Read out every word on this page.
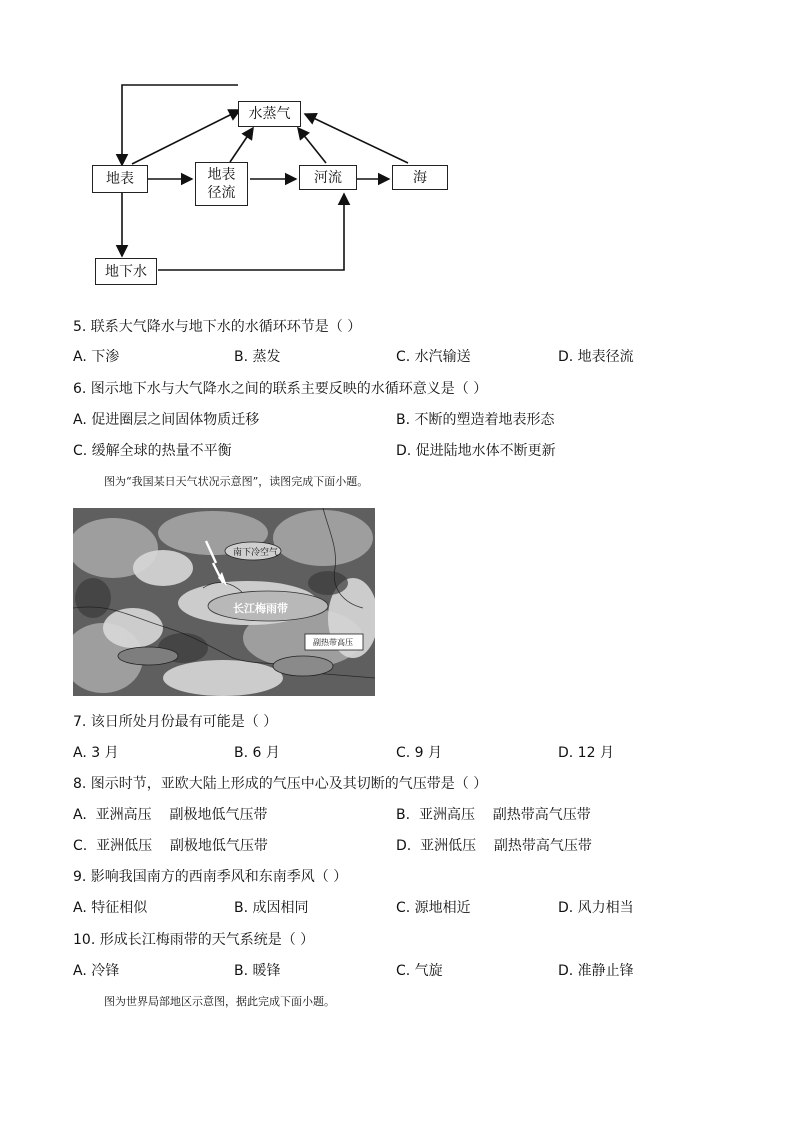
水蒸气
地表	地表
径流
河流	海
地下水
5. 联系大气降水与地下水的水循环环节是（ ）
A. 下渗	B. 蒸发	C. 水汽输送	D. 地表径流
6. 图示地下水与大气降水之间的联系主要反映的水循环意义是（ ）
A. 促进圈层之间固体物质迁移	B. 不断的塑造着地表形态
C. 缓解全球的热量不平衡	D. 促进陆地水体不断更新
图为“我国某日天气状况示意图”，读图完成下面小题。
南下冷空气
长江梅雨带
副热带高压
7. 该日所处月份最有可能是（ ）
A. 3 月	B. 6 月	C. 9 月	D. 12 月
8. 图示时节，亚欧大陆上形成的气压中心及其切断的气压带是（ ）
A.  亚洲高压    副极地低气压带	B.  亚洲高压    副热带高气压带
C.  亚洲低压    副极地低气压带	D.  亚洲低压    副热带高气压带
9. 影响我国南方的西南季风和东南季风（ ）
A. 特征相似	B. 成因相同	C. 源地相近	D. 风力相当
10. 形成长江梅雨带的天气系统是（ ）
A. 冷锋	B. 暖锋	C. 气旋	D. 准静止锋
图为世界局部地区示意图，据此完成下面小题。
